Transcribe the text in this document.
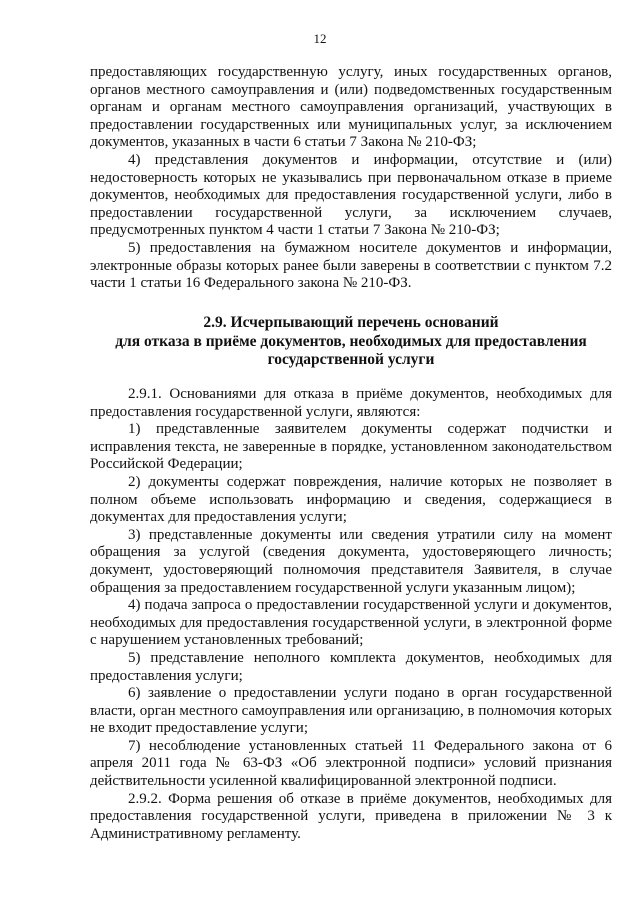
12

предоставляющих государственную услугу, иных государственных органов, органов местного самоуправления и (или) подведомственных государственным органам и органам местного самоуправления организаций, участвующих в предоставлении государственных или муниципальных услуг, за исключением документов, указанных в части 6 статьи 7 Закона № 210-ФЗ;

4) представления документов и информации, отсутствие и (или) недостоверность которых не указывались при первоначальном отказе в приеме документов, необходимых для предоставления государственной услуги, либо в предоставлении государственной услуги, за исключением случаев, предусмотренных пунктом 4 части 1 статьи 7 Закона № 210-ФЗ;

5) предоставления на бумажном носителе документов и информации, электронные образы которых ранее были заверены в соответствии с пунктом 7.2 части 1 статьи 16 Федерального закона № 210-ФЗ.

2.9. Исчерпывающий перечень оснований
для отказа в приёме документов, необходимых для предоставления
государственной услуги

2.9.1. Основаниями для отказа в приёме документов, необходимых для предоставления государственной услуги, являются:

1) представленные заявителем документы содержат подчистки и исправления текста, не заверенные в порядке, установленном законодательством Российской Федерации;

2) документы содержат повреждения, наличие которых не позволяет в полном объеме использовать информацию и сведения, содержащиеся в документах для предоставления услуги;

3) представленные документы или сведения утратили силу на момент обращения за услугой (сведения документа, удостоверяющего личность; документ, удостоверяющий полномочия представителя Заявителя, в случае обращения за предоставлением государственной услуги указанным лицом);

4) подача запроса о предоставлении государственной услуги и документов, необходимых для предоставления государственной услуги, в электронной форме с нарушением установленных требований;

5) представление неполного комплекта документов, необходимых для предоставления услуги;

6) заявление о предоставлении услуги подано в орган государственной власти, орган местного самоуправления или организацию, в полномочия которых не входит предоставление услуги;

7) несоблюдение установленных статьей 11 Федерального закона от 6 апреля 2011 года № 63-ФЗ «Об электронной подписи» условий признания действительности усиленной квалифицированной электронной подписи.

2.9.2. Форма решения об отказе в приёме документов, необходимых для предоставления государственной услуги, приведена в приложении № 3 к Административному регламенту.
